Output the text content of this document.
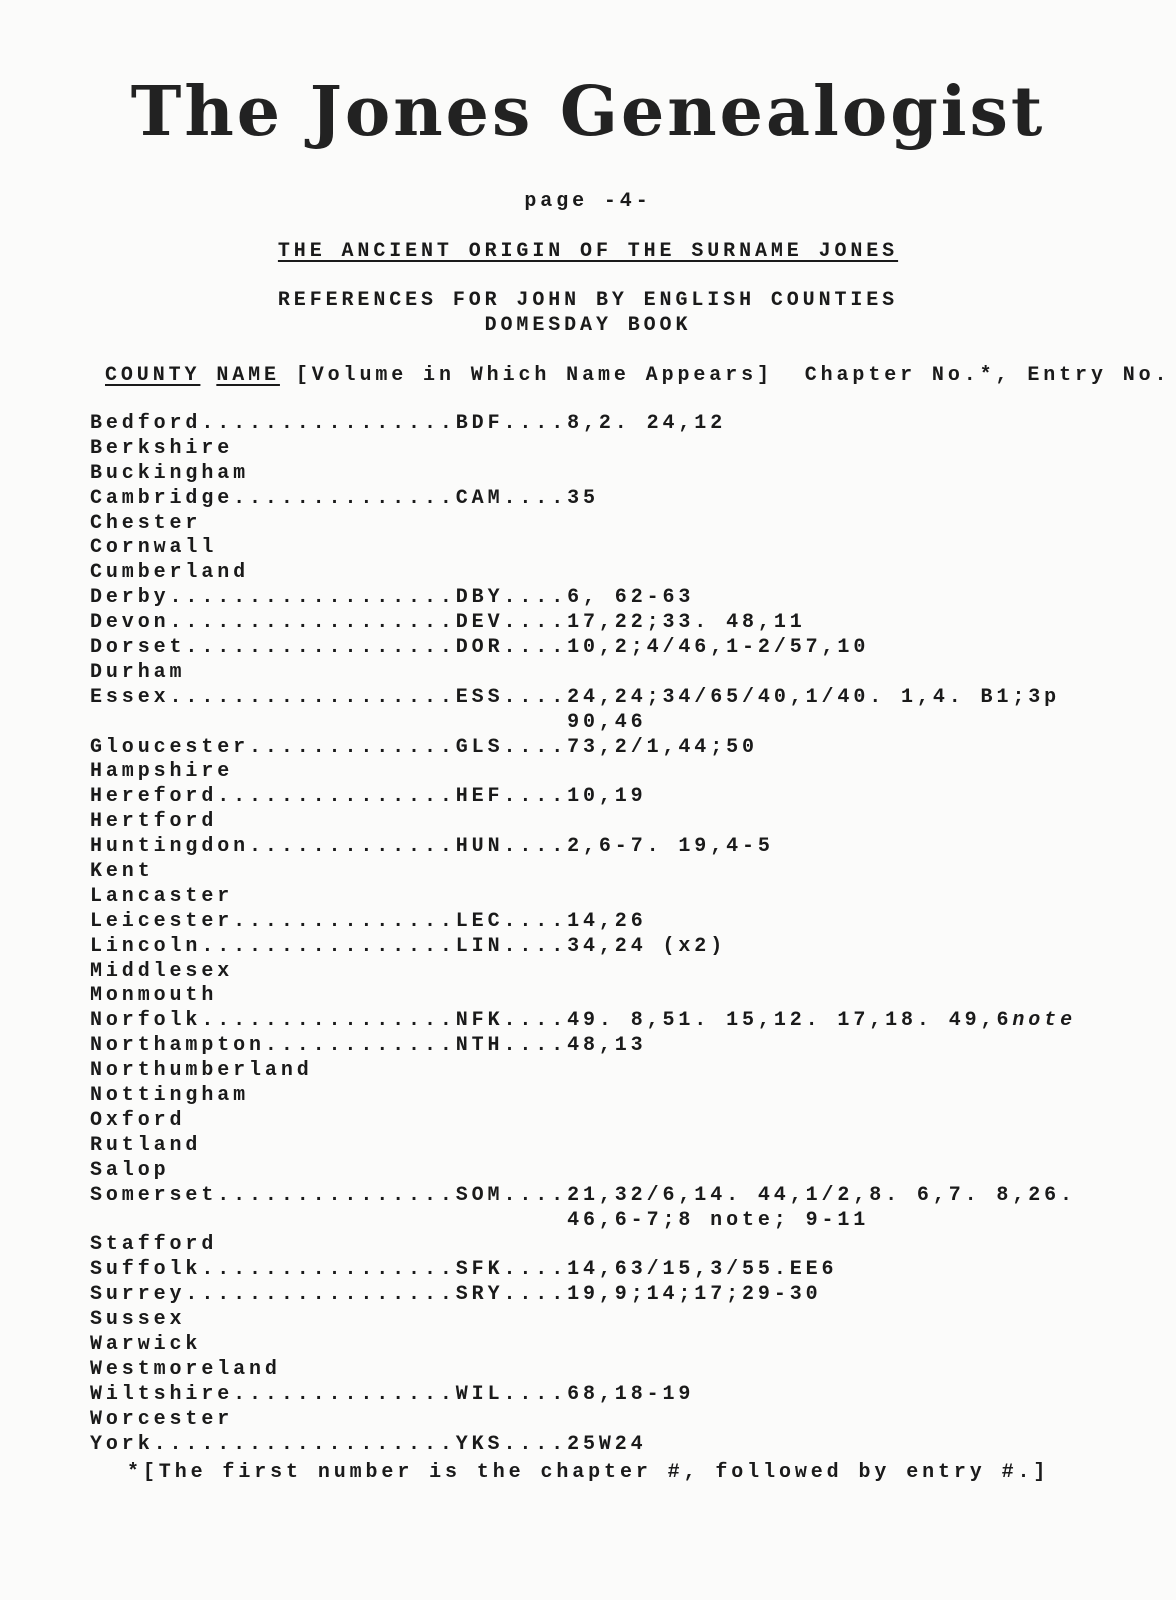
The Jones Genealogist
page -4-
THE ANCIENT ORIGIN OF THE SURNAME JONES
REFERENCES FOR JOHN BY ENGLISH COUNTIES
DOMESDAY BOOK
COUNTY NAME [Volume in Which Name Appears] Chapter No.*, Entry No.
Bedford................BDF....8,2. 24,12
Berkshire
Buckingham
Cambridge..............CAM....35
Chester
Cornwall
Cumberland
Derby..................DBY....6, 62-63
Devon..................DEV....17,22;33. 48,11
Dorset.................DOR....10,2;4/46,1-2/57,10
Durham
Essex..................ESS....24,24;34/65/40,1/40. 1,4. B1;3p
90,46
Gloucester.............GLS....73,2/1,44;50
Hampshire
Hereford...............HEF....10,19
Hertford
Huntingdon.............HUN....2,6-7. 19,4-5
Kent
Lancaster
Leicester..............LEC....14,26
Lincoln................LIN....34,24 (x2)
Middlesex
Monmouth
Norfolk................NFK....49. 8,51. 15,12. 17,18. 49,6note
Northampton............NTH....48,13
Northumberland
Nottingham
Oxford
Rutland
Salop
Somerset...............SOM....21,32/6,14. 44,1/2,8. 6,7. 8,26.
46,6-7;8 note; 9-11
Stafford
Suffolk................SFK....14,63/15,3/55.EE6
Surrey.................SRY....19,9;14;17;29-30
Sussex
Warwick
Westmoreland
Wiltshire..............WIL....68,18-19
Worcester
York...................YKS....25W24
*[The first number is the chapter #, followed by entry #.]
